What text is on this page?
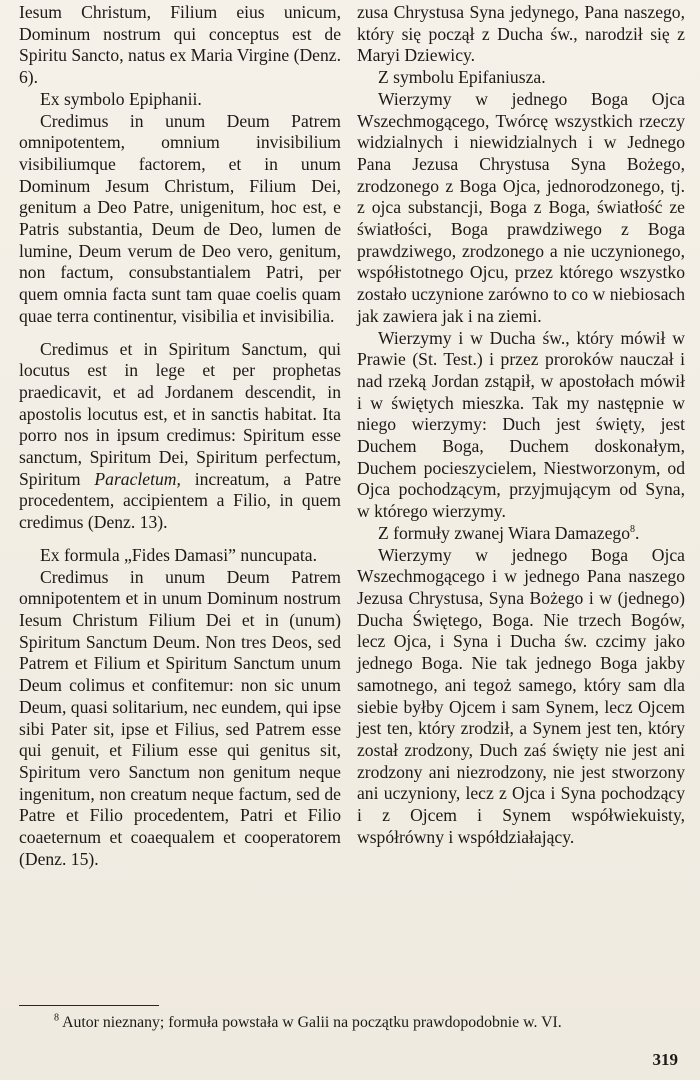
Iesum Christum, Filium eius unicum, Dominum nostrum qui conceptus est de Spiritu Sancto, natus ex Maria Virgine (Denz. 6).

Ex symbolo Epiphanii.

Credimus in unum Deum Patrem omnipotentem, omnium invisibilium visibiliumque factorem, et in unum Dominum Jesum Christum, Filium Dei, genitum a Deo Patre, unigenitum, hoc est, e Patris substantia, Deum de Deo, lumen de lumine, Deum verum de Deo vero, genitum, non factum, consubstantialem Patri, per quem omnia facta sunt tam quae coelis quam quae terra continentur, visibilia et invisibilia.

Credimus et in Spiritum Sanctum, qui locutus est in lege et per prophetas praedicavit, et ad Jordanem descendit, in apostolis locutus est, et in sanctis habitat. Ita porro nos in ipsum credimus: Spiritum esse sanctum, Spiritum Dei, Spiritum perfectum, Spiritum Paracletum, increatum, a Patre procedentem, accipientem a Filio, in quem credimus (Denz. 13).

Ex formula „Fides Damasi” nuncupata.

Credimus in unum Deum Patrem omnipotentem et in unum Dominum nostrum Iesum Christum Filium Dei et in (unum) Spiritum Sanctum Deum. Non tres Deos, sed Patrem et Filium et Spiritum Sanctum unum Deum colimus et confitemur: non sic unum Deum, quasi solitarium, nec eundem, qui ipse sibi Pater sit, ipse et Filius, sed Patrem esse qui genuit, et Filium esse qui genitus sit, Spiritum vero Sanctum non genitum neque ingenitum, non creatum neque factum, sed de Patre et Filio procedentem, Patri et Filio coaeternum et coaequalem et cooperatorem (Denz. 15).

zusa Chrystusa Syna jedynego, Pana naszego, który się począł z Ducha św., narodził się z Maryi Dziewicy.

Z symbolu Epifaniusza.

Wierzymy w jednego Boga Ojca Wszechmogącego, Twórcę wszystkich rzeczy widzialnych i niewidzialnych i w Jednego Pana Jezusa Chrystusa Syna Bożego, zrodzonego z Boga Ojca, jednorodzonego, tj. z ojca substancji, Boga z Boga, światłość ze światłości, Boga prawdziwego z Boga prawdziwego, zrodzonego a nie uczynionego, współistotnego Ojcu, przez którego wszystko zostało uczynione zarówno to co w niebiosach jak zawiera jak i na ziemi.

Wierzymy i w Ducha św., który mówił w Prawie (St. Test.) i przez proroków nauczał i nad rzeką Jordan zstąpił, w apostołach mówił i w świętych mieszka. Tak my następnie w niego wierzymy: Duch jest święty, jest Duchem Boga, Duchem doskonałym, Duchem pocieszycielem, Niestworzonym, od Ojca pochodzącym, przyjmującym od Syna, w którego wierzymy.

Z formuły zwanej Wiara Damazego$^8$.

Wierzymy w jednego Boga Ojca Wszechmogącego i w jednego Pana naszego Jezusa Chrystusa, Syna Bożego i w (jednego) Ducha Świętego, Boga. Nie trzech Bogów, lecz Ojca, i Syna i Ducha św. czcimy jako jednego Boga. Nie tak jednego Boga jakby samotnego, ani tegoż samego, który sam dla siebie byłby Ojcem i sam Synem, lecz Ojcem jest ten, który zrodził, a Synem jest ten, który został zrodzony, Duch zaś święty nie jest ani zrodzony ani niezrodzony, nie jest stworzony ani uczyniony, lecz z Ojca i Syna pochodzący i z Ojcem i Synem współwiekuisty, współrówny i współdziałający.

$^8$ Autor nieznany; formuła powstała w Galii na początku prawdopodobnie w. VI.

319
